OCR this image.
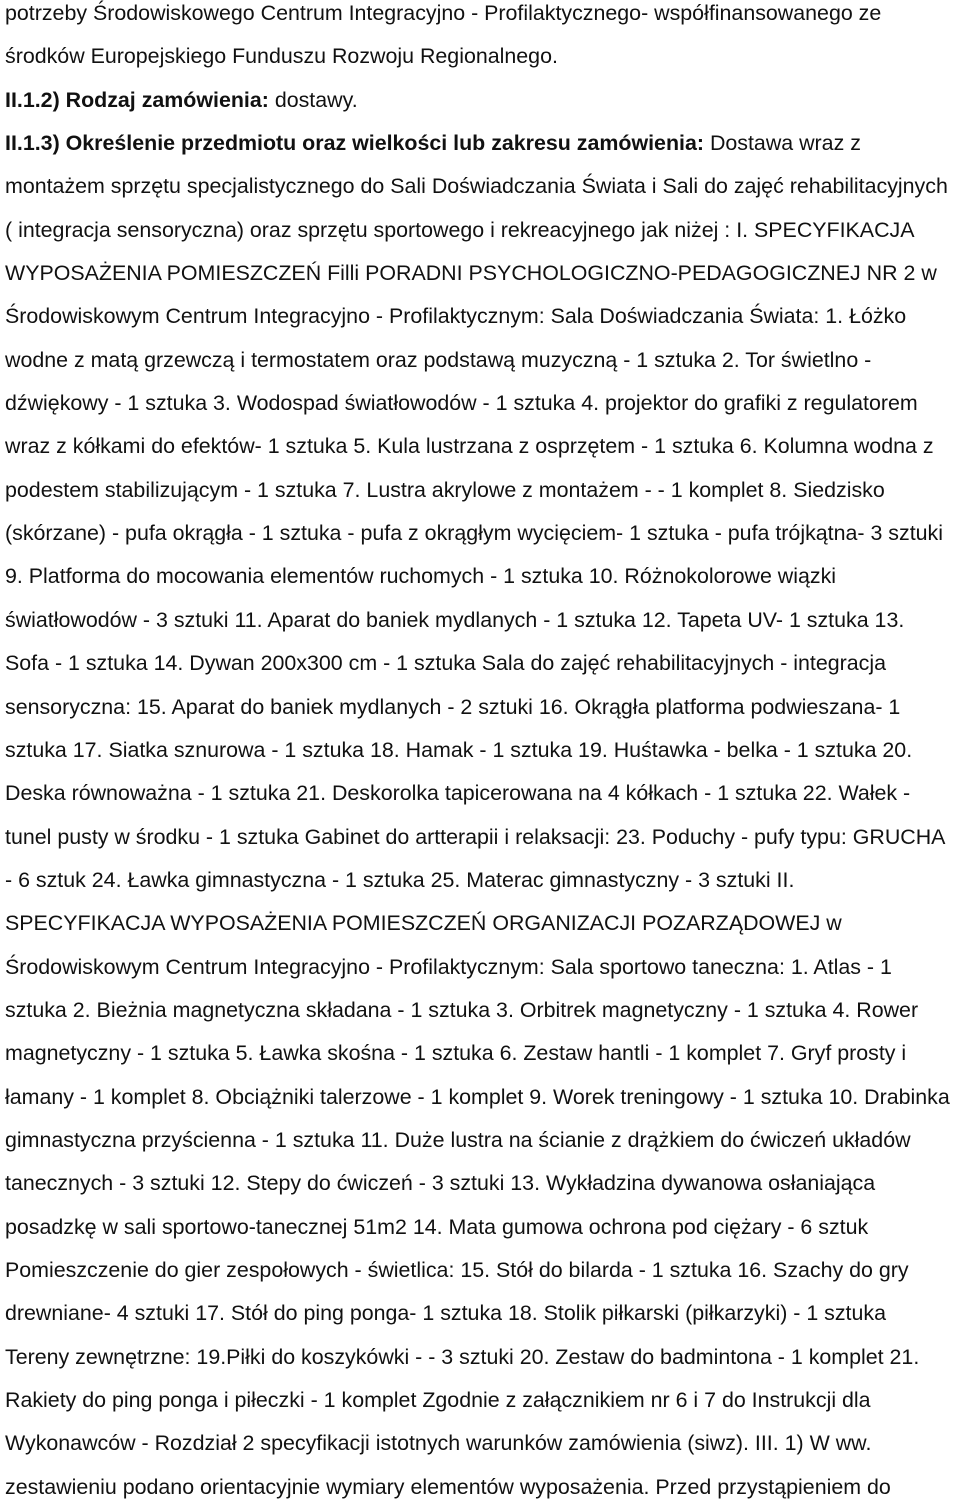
potrzeby Środowiskowego Centrum Integracyjno - Profilaktycznego- współfinansowanego ze
środków Europejskiego Funduszu Rozwoju Regionalnego.
II.1.2) Rodzaj zamówienia: dostawy.
II.1.3) Określenie przedmiotu oraz wielkości lub zakresu zamówienia: Dostawa wraz z
montażem sprzętu specjalistycznego do Sali Doświadczania Świata i Sali do zajęć rehabilitacyjnych
( integracja sensoryczna) oraz sprzętu sportowego i rekreacyjnego jak niżej : I. SPECYFIKACJA
WYPOSAŻENIA POMIESZCZEŃ Filli PORADNI PSYCHOLOGICZNO-PEDAGOGICZNEJ NR 2 w
Środowiskowym Centrum Integracyjno - Profilaktycznym: Sala Doświadczania Świata: 1. Łóżko
wodne z matą grzewczą i termostatem oraz podstawą muzyczną - 1 sztuka 2. Tor świetlno -
dźwiękowy - 1 sztuka 3. Wodospad światłowodów - 1 sztuka 4. projektor do grafiki z regulatorem
wraz z kółkami do efektów- 1 sztuka 5. Kula lustrzana z osprzętem - 1 sztuka 6. Kolumna wodna z
podestem stabilizującym - 1 sztuka 7. Lustra akrylowe z montażem - - 1 komplet 8. Siedzisko
(skórzane) - pufa okrągła - 1 sztuka - pufa z okrągłym wycięciem- 1 sztuka - pufa trójkątna- 3 sztuki
9. Platforma do mocowania elementów ruchomych - 1 sztuka 10. Różnokolorowe wiązki
światłowodów - 3 sztuki 11. Aparat do baniek mydlanych - 1 sztuka 12. Tapeta UV- 1 sztuka 13.
Sofa - 1 sztuka 14. Dywan 200x300 cm - 1 sztuka Sala do zajęć rehabilitacyjnych - integracja
sensoryczna: 15. Aparat do baniek mydlanych - 2 sztuki 16. Okrągła platforma podwieszana- 1
sztuka 17. Siatka sznurowa - 1 sztuka 18. Hamak - 1 sztuka 19. Huśtawka - belka - 1 sztuka 20.
Deska równoważna - 1 sztuka 21. Deskorolka tapicerowana na 4 kółkach - 1 sztuka 22. Wałek -
tunel pusty w środku - 1 sztuka Gabinet do artterapii i relaksacji: 23. Poduchy - pufy typu: GRUCHA
- 6 sztuk 24. Ławka gimnastyczna - 1 sztuka 25. Materac gimnastyczny - 3 sztuki II.
SPECYFIKACJA WYPOSAŻENIA POMIESZCZEŃ ORGANIZACJI POZARZĄDOWEJ w
Środowiskowym Centrum Integracyjno - Profilaktycznym: Sala sportowo taneczna: 1. Atlas - 1
sztuka 2. Bieżnia magnetyczna składana - 1 sztuka 3. Orbitrek magnetyczny - 1 sztuka 4. Rower
magnetyczny - 1 sztuka 5. Ławka skośna - 1 sztuka 6. Zestaw hantli - 1 komplet 7. Gryf prosty i
łamany - 1 komplet 8. Obciążniki talerzowe - 1 komplet 9. Worek treningowy - 1 sztuka 10. Drabinka
gimnastyczna przyścienna - 1 sztuka 11. Duże lustra na ścianie z drążkiem do ćwiczeń układów
tanecznych - 3 sztuki 12. Stepy do ćwiczeń - 3 sztuki 13. Wykładzina dywanowa osłaniająca
posadzkę w sali sportowo-tanecznej 51m2 14. Mata gumowa ochrona pod ciężary - 6 sztuk
Pomieszczenie do gier zespołowych - świetlica: 15. Stół do bilarda - 1 sztuka 16. Szachy do gry
drewniane- 4 sztuki 17. Stół do ping ponga- 1 sztuka 18. Stolik piłkarski (piłkarzyki) - 1 sztuka
Tereny zewnętrzne: 19.Piłki do koszykówki - - 3 sztuki 20. Zestaw do badmintona - 1 komplet 21.
Rakiety do ping ponga i piłeczki - 1 komplet Zgodnie z załącznikiem nr 6 i 7 do Instrukcji dla
Wykonawców - Rozdział 2 specyfikacji istotnych warunków zamówienia (siwz). III. 1) W ww.
zestawieniu podano orientacyjnie wymiary elementów wyposażenia. Przed przystąpieniem do
